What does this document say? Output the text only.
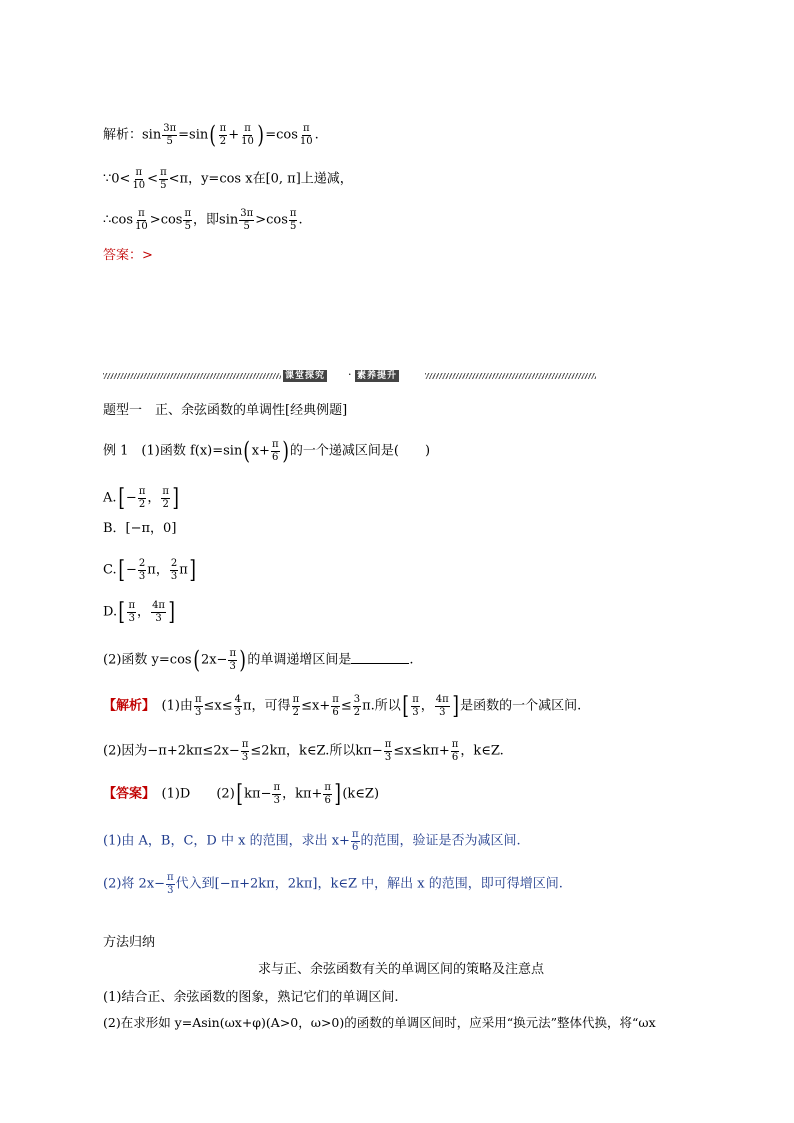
解析：$\sin \frac{3\pi}{5} =\sin( \frac{\pi}{2} + \frac{\pi}{10} )=\cos \frac{\pi}{10}$ .
∵0< $\frac{\pi}{10} < \frac{\pi}{5} <\pi$，y=cos x在[0, π]上递减，
∴cos $\frac{\pi}{10} >\cos \frac{\pi}{5}$ ，即$\sin \frac{3\pi}{5} >\cos \frac{\pi}{5}$ .
答案：>
课堂探究 · 素养提升
题型一　正、余弦函数的单调性[经典例题]
例 1　(1)函数 $f(x)=\sin(x+ \frac{\pi}{6}$ )的一个递减区间是(　　)
$A.[- \frac{\pi}{2}$ ， $\frac{\pi}{2}$ ]
B．[−π，0]
$C.[- \frac{2}{3}$ π， $\frac{2}{3} \pi$]
$D.[ \frac{\pi}{3}$ ， $\frac{4\pi}{3}$ ]
(2)函数 $y=\cos(2x- \frac{\pi}{3}$ )的单调递增区间是	.
【解析】　(1)由 $\frac{\pi}{3} \le x\le \frac{4}{3}$ π，可得 $\frac{\pi}{2} \le x+ \frac{\pi}{6} \le \frac{3}{2} \pi$.所以[ $\frac{\pi}{3}$ ， $\frac{4\pi}{3}$ ]是函数的一个减区间.
(2)因为$-\pi+2k\pi\le 2x- \frac{\pi}{3} \le 2k\pi$，k∈Z.所以$k\pi- \frac{\pi}{3} \le x\le k\pi+ \frac{\pi}{6}$ ，k∈Z.
【答案】　(1)D　　$(2)[k\pi- \frac{\pi}{3}$ ，$k\pi+ \frac{\pi}{6}$ ](k∈Z)
(1)由 A，B，C，D 中 x 的范围，求出 $x+ \frac{\pi}{6}$ 的范围，验证是否为减区间.
(2)将 $2x- \frac{\pi}{3}$ 代入到[−π+2kπ，2kπ]，k∈Z 中，解出 x 的范围，即可得增区间.
方法归纳
求与正、余弦函数有关的单调区间的策略及注意点
(1)结合正、余弦函数的图象，熟记它们的单调区间.
(2)在求形如 y=Asin(ωx+φ)(A>0，ω>0)的函数的单调区间时，应采用“换元法”整体代换，将“ωx
